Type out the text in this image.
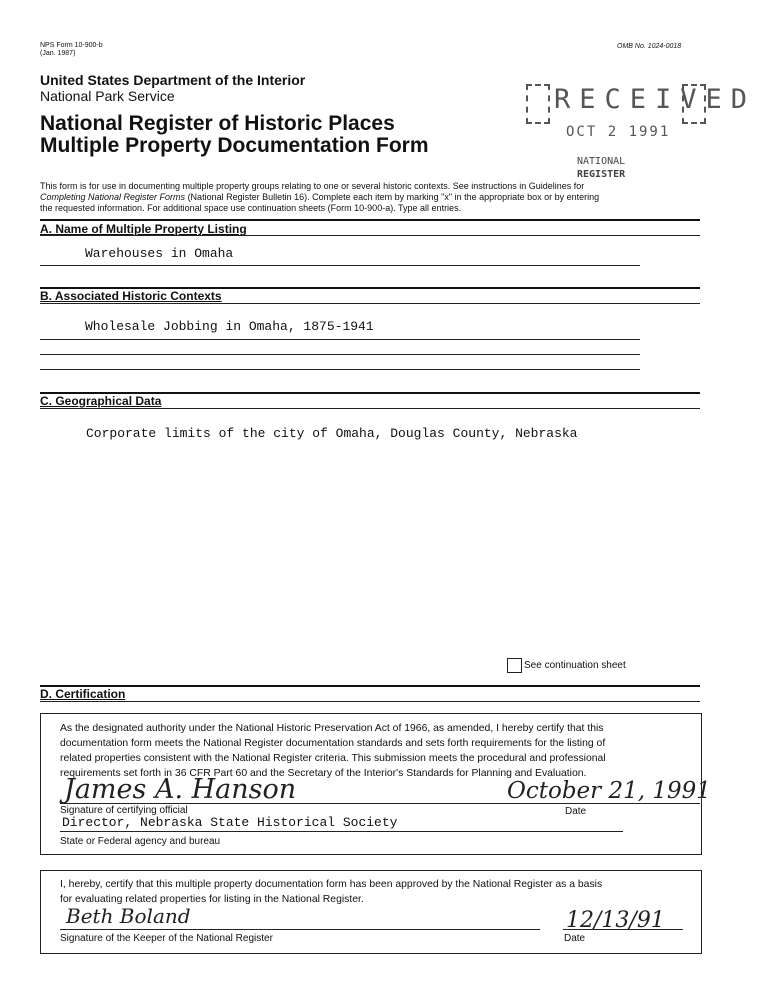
NPS Form 10-900-b
(Jan. 1987)
OMB No. 1024-0018
United States Department of the Interior
National Park Service
National Register of Historic Places
Multiple Property Documentation Form
RECEIVED
OCT 2 1991
NATIONAL
REGISTER
This form is for use in documenting multiple property groups relating to one or several historic contexts. See instructions in Guidelines for
Completing National Register Forms (National Register Bulletin 16). Complete each item by marking "x" in the appropriate box or by entering
the requested information. For additional space use continuation sheets (Form 10-900-a). Type all entries.
A. Name of Multiple Property Listing
Warehouses in Omaha
B. Associated Historic Contexts
Wholesale Jobbing in Omaha, 1875-1941
C. Geographical Data
Corporate limits of the city of Omaha, Douglas County, Nebraska
See continuation sheet
D. Certification
As the designated authority under the National Historic Preservation Act of 1966, as amended, I hereby certify that this
documentation form meets the National Register documentation standards and sets forth requirements for the listing of
related properties consistent with the National Register criteria. This submission meets the procedural and professional
requirements set forth in 36 CFR Part 60 and the Secretary of the Interior's Standards for Planning and Evaluation.
James A. Hanson	October 21, 1991
Signature of certifying official	Date
Director, Nebraska State Historical Society
State or Federal agency and bureau
I, hereby, certify that this multiple property documentation form has been approved by the National Register as a basis
for evaluating related properties for listing in the National Register.
Beth Boland	12/13/91
Signature of the Keeper of the National Register	Date
